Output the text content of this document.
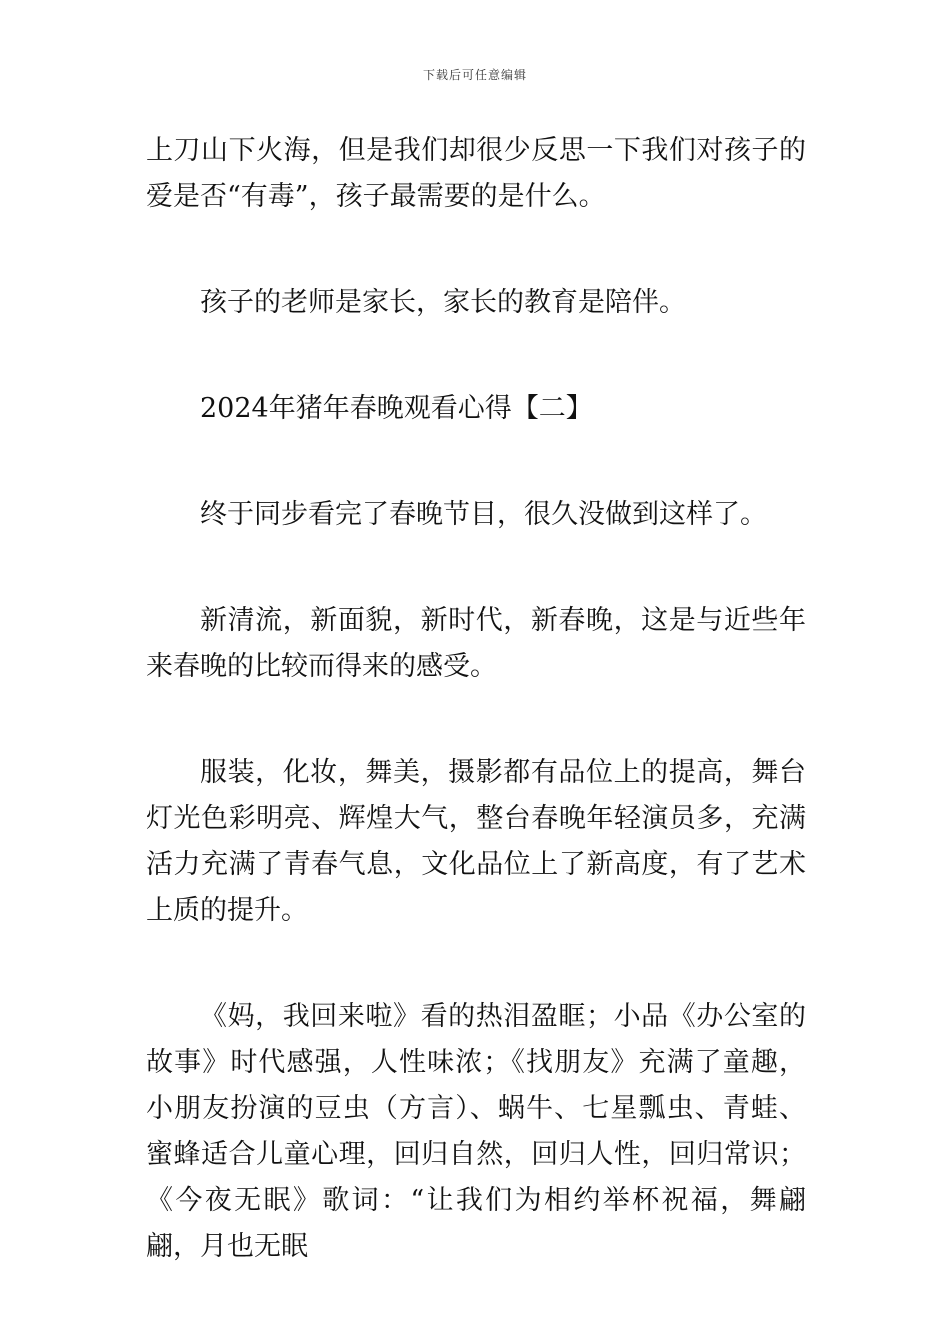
下载后可任意编辑

上刀山下火海，但是我们却很少反思一下我们对孩子的爱是否“有毒”，孩子最需要的是什么。

孩子的老师是家长，家长的教育是陪伴。

2024年猪年春晚观看心得【二】

终于同步看完了春晚节目，很久没做到这样了。

新清流，新面貌，新时代，新春晚，这是与近些年来春晚的比较而得来的感受。

服装，化妆，舞美，摄影都有品位上的提高，舞台灯光色彩明亮、辉煌大气，整台春晚年轻演员多，充满活力充满了青春气息，文化品位上了新高度，有了艺术上质的提升。

《妈，我回来啦》看的热泪盈眶；小品《办公室的故事》时代感强，人性味浓；《找朋友》充满了童趣，小朋友扮演的豆虫（方言）、蜗牛、七星瓢虫、青蛙、蜜蜂适合儿童心理，回归自然，回归人性，回归常识；《今夜无眠》歌词：“让我们为相约举杯祝福，舞翩翩，月也无眠
